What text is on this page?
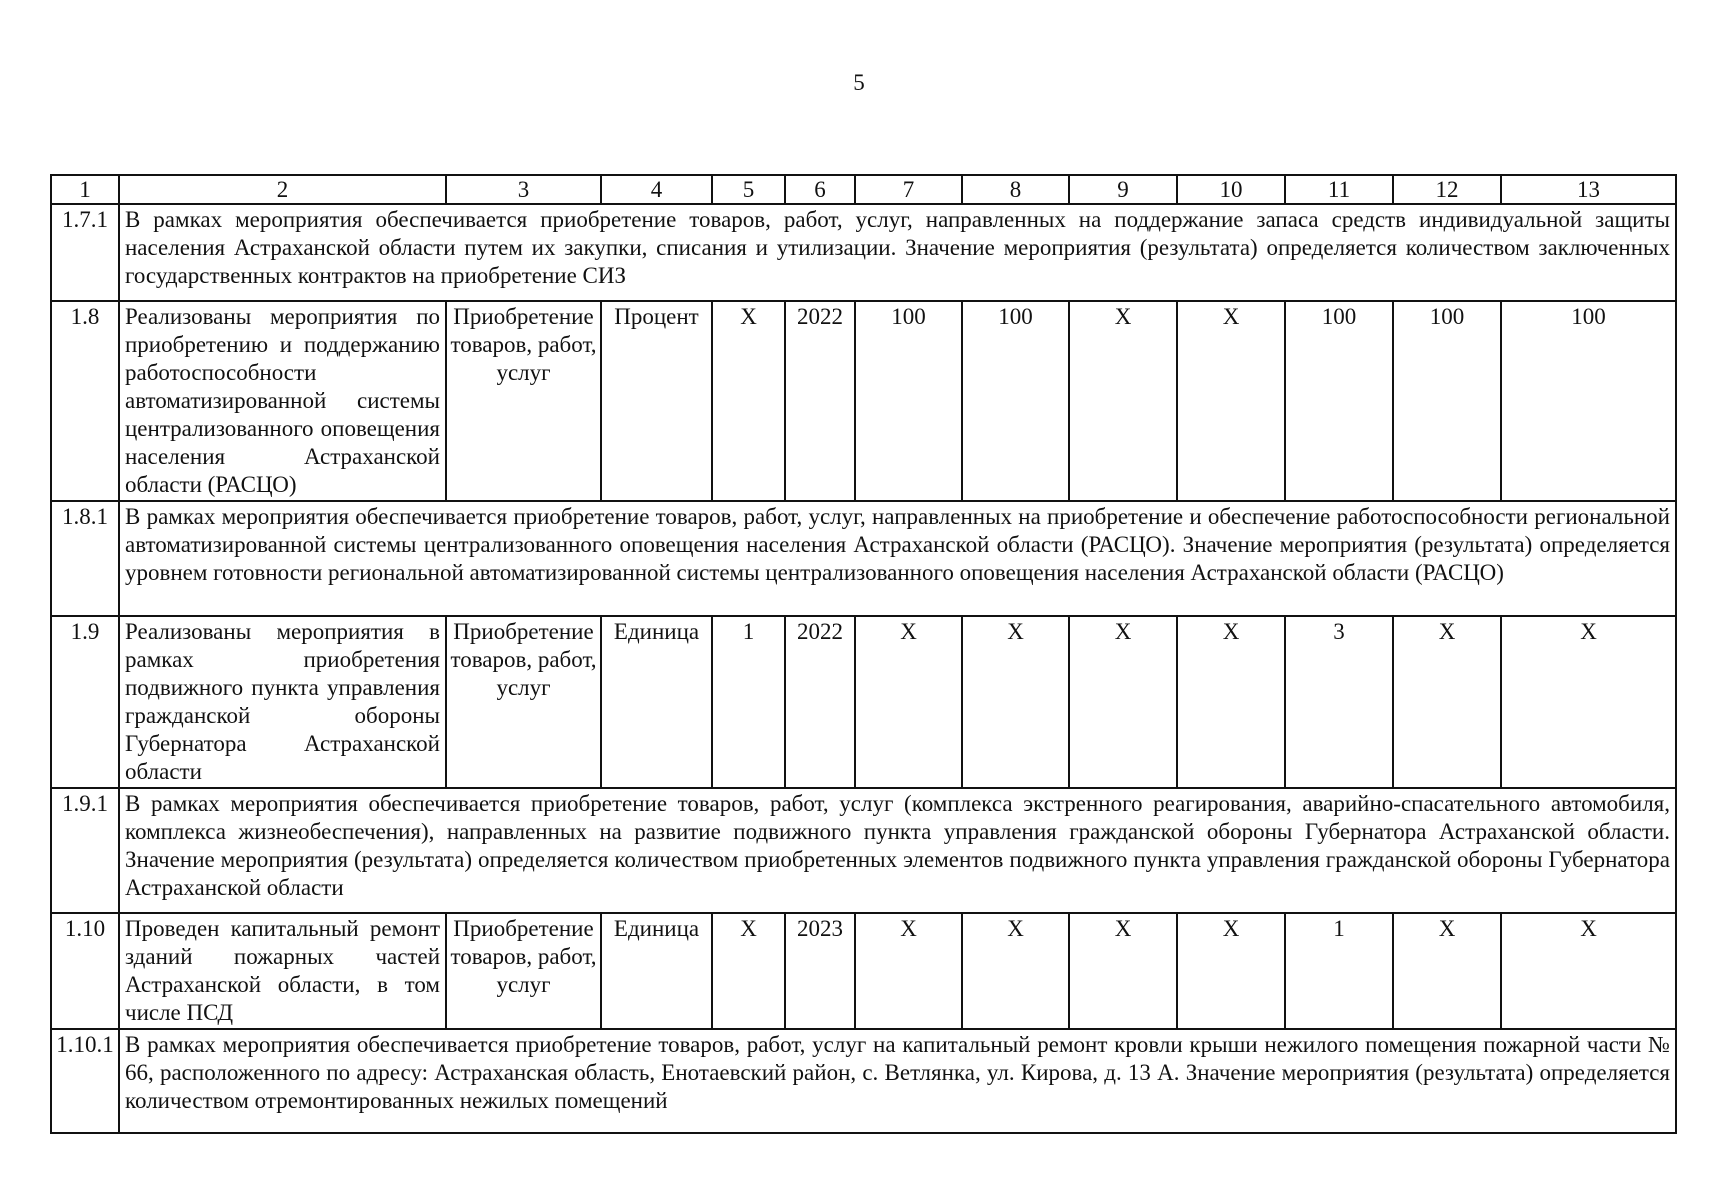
5
1	2	3	4	5	6	7	8	9	10	11	12	13
1.7.1	В рамках мероприятия обеспечивается приобретение товаров, работ, услуг, направленных на поддержание запаса средств индивидуальной защиты населения Астраханской области путем их закупки, списания и утилизации. Значение мероприятия (результата) определяется количеством заключенных государственных контрактов на приобретение СИЗ											
1.8	Реализованы мероприятия по приобретению и поддержанию работоспособности автоматизированной системы централизованного оповещения населения Астраханской области (РАСЦО)	Приобретение товаров, работ, услуг	Процент	Х	2022	100	100	Х	Х	100	100	100
1.8.1	В рамках мероприятия обеспечивается приобретение товаров, работ, услуг, направленных на приобретение и обеспечение работоспособности региональной автоматизированной системы централизованного оповещения населения Астраханской области (РАСЦО). Значение мероприятия (результата) определяется уровнем готовности региональной автоматизированной системы централизованного оповещения населения Астраханской области (РАСЦО)											
1.9	Реализованы мероприятия в рамках приобретения подвижного пункта управления гражданской обороны Губернатора Астраханской области	Приобретение товаров, работ, услуг	Единица	1	2022	Х	Х	Х	Х	3	Х	Х
1.9.1	В рамках мероприятия обеспечивается приобретение товаров, работ, услуг (комплекса экстренного реагирования, аварийно-спасательного автомобиля, комплекса жизнеобеспечения), направленных на развитие подвижного пункта управления гражданской обороны Губернатора Астраханской области. Значение мероприятия (результата) определяется количеством приобретенных элементов подвижного пункта управления гражданской обороны Губернатора Астраханской области											
1.10	Проведен капитальный ремонт зданий пожарных частей Астраханской области, в том числе ПСД	Приобретение товаров, работ, услуг	Единица	Х	2023	Х	Х	Х	Х	1	Х	Х
1.10.1	В рамках мероприятия обеспечивается приобретение товаров, работ, услуг на капитальный ремонт кровли крыши нежилого помещения пожарной части № 66, расположенного по адресу: Астраханская область, Енотаевский район, с. Ветлянка, ул. Кирова, д. 13 А. Значение мероприятия (результата) определяется количеством отремонтированных нежилых помещений											
